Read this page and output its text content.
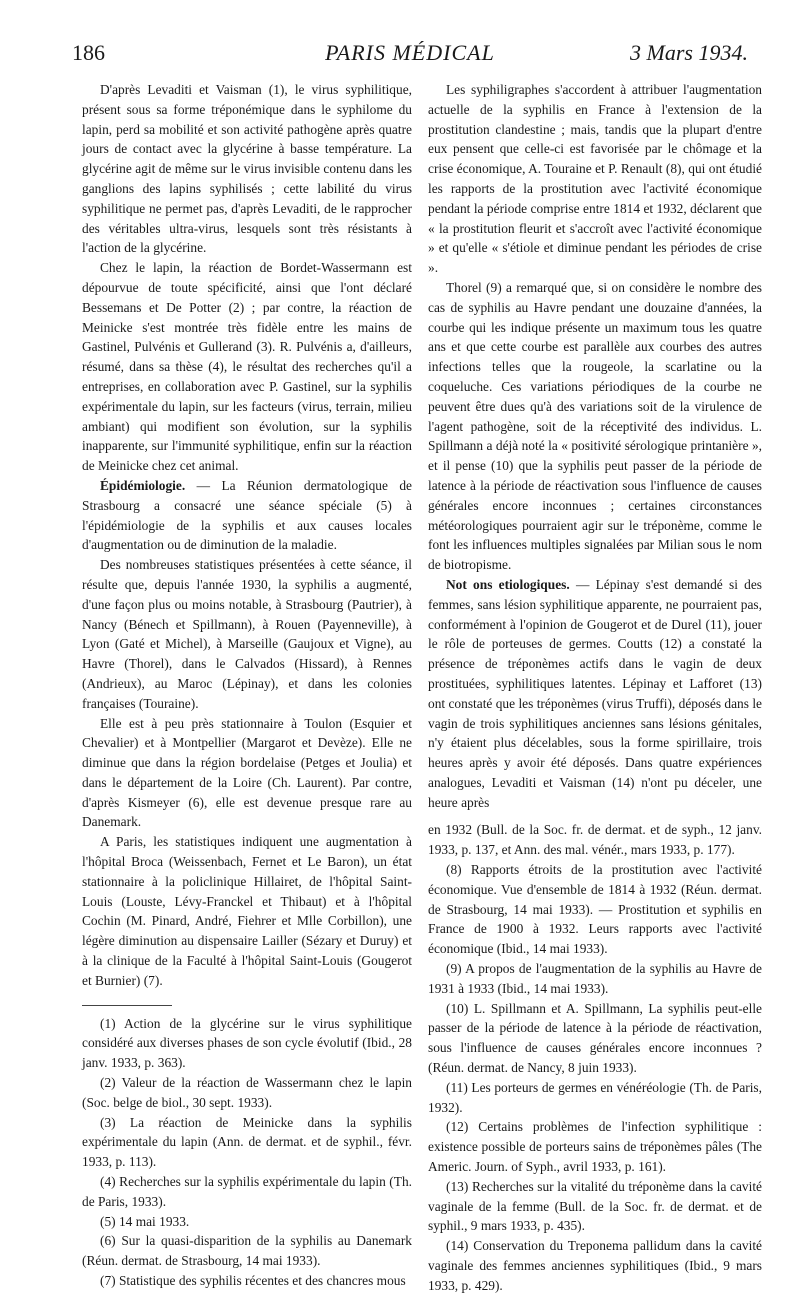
186	PARIS MÉDICAL	3 Mars 1934.

D'après Levaditi et Vaisman (1), le virus syphilitique, présent sous sa forme tréponémique dans le syphilome du lapin, perd sa mobilité et son activité pathogène après quatre jours de contact avec la glycérine à basse température. La glycérine agit de même sur le virus invisible contenu dans les ganglions des lapins syphilisés ; cette labilité du virus syphilitique ne permet pas, d'après Levaditi, de le rapprocher des véritables ultra-virus, lesquels sont très résistants à l'action de la glycérine.

Chez le lapin, la réaction de Bordet-Wassermann est dépourvue de toute spécificité, ainsi que l'ont déclaré Bessemans et De Potter (2) ; par contre, la réaction de Meinicke s'est montrée très fidèle entre les mains de Gastinel, Pulvénis et Gullerand (3). R. Pulvénis a, d'ailleurs, résumé, dans sa thèse (4), le résultat des recherches qu'il a entreprises, en collaboration avec P. Gastinel, sur la syphilis expérimentale du lapin, sur les facteurs (virus, terrain, milieu ambiant) qui modifient son évolution, sur la syphilis inapparente, sur l'immunité syphilitique, enfin sur la réaction de Meinicke chez cet animal.

Épidémiologie. — La Réunion dermatologique de Strasbourg a consacré une séance spéciale (5) à l'épidémiologie de la syphilis et aux causes locales d'augmentation ou de diminution de la maladie.

Des nombreuses statistiques présentées à cette séance, il résulte que, depuis l'année 1930, la syphilis a augmenté, d'une façon plus ou moins notable, à Strasbourg (Pautrier), à Nancy (Bénech et Spillmann), à Rouen (Payenneville), à Lyon (Gaté et Michel), à Marseille (Gaujoux et Vigne), au Havre (Thorel), dans le Calvados (Hissard), à Rennes (Andrieux), au Maroc (Lépinay), et dans les colonies françaises (Touraine).

Elle est à peu près stationnaire à Toulon (Esquier et Chevalier) et à Montpellier (Margarot et Devèze). Elle ne diminue que dans la région bordelaise (Petges et Joulia) et dans le département de la Loire (Ch. Laurent). Par contre, d'après Kismeyer (6), elle est devenue presque rare au Danemark.

A Paris, les statistiques indiquent une augmentation à l'hôpital Broca (Weissenbach, Fernet et Le Baron), un état stationnaire à la policlinique Hillairet, de l'hôpital Saint-Louis (Louste, Lévy-Franckel et Thibaut) et à l'hôpital Cochin (M. Pinard, André, Fiehrer et Mlle Corbillon), une légère diminution au dispensaire Lailler (Sézary et Duruy) et à la clinique de la Faculté à l'hôpital Saint-Louis (Gougerot et Burnier) (7).

(1) Action de la glycérine sur le virus syphilitique considéré aux diverses phases de son cycle évolutif (Ibid., 28 janv. 1933, p. 363).

(2) Valeur de la réaction de Wassermann chez le lapin (Soc. belge de biol., 30 sept. 1933).

(3) La réaction de Meinicke dans la syphilis expérimentale du lapin (Ann. de dermat. et de syphil., févr. 1933, p. 113).

(4) Recherches sur la syphilis expérimentale du lapin (Th. de Paris, 1933).

(5) 14 mai 1933.

(6) Sur la quasi-disparition de la syphilis au Danemark (Réun. dermat. de Strasbourg, 14 mai 1933).

(7) Statistique des syphilis récentes et des chancres mous

Les syphiligraphes s'accordent à attribuer l'augmentation actuelle de la syphilis en France à l'extension de la prostitution clandestine ; mais, tandis que la plupart d'entre eux pensent que celle-ci est favorisée par le chômage et la crise économique, A. Touraine et P. Renault (8), qui ont étudié les rapports de la prostitution avec l'activité économique pendant la période comprise entre 1814 et 1932, déclarent que « la prostitution fleurit et s'accroît avec l'activité économique » et qu'elle « s'étiole et diminue pendant les périodes de crise ».

Thorel (9) a remarqué que, si on considère le nombre des cas de syphilis au Havre pendant une douzaine d'années, la courbe qui les indique présente un maximum tous les quatre ans et que cette courbe est parallèle aux courbes des autres infections telles que la rougeole, la scarlatine ou la coqueluche. Ces variations périodiques de la courbe ne peuvent être dues qu'à des variations soit de la virulence de l'agent pathogène, soit de la réceptivité des individus. L. Spillmann a déjà noté la « positivité sérologique printanière », et il pense (10) que la syphilis peut passer de la période de latence à la période de réactivation sous l'influence de causes générales encore inconnues ; certaines circonstances météorologiques pourraient agir sur le tréponème, comme le font les influences multiples signalées par Milian sous le nom de biotropisme.

Not ons etiologiques. — Lépinay s'est demandé si des femmes, sans lésion syphilitique apparente, ne pourraient pas, conformément à l'opinion de Gougerot et de Durel (11), jouer le rôle de porteuses de germes. Coutts (12) a constaté la présence de tréponèmes actifs dans le vagin de deux prostituées, syphilitiques latentes. Lépinay et Lafforet (13) ont constaté que les tréponèmes (virus Truffi), déposés dans le vagin de trois syphilitiques anciennes sans lésions génitales, n'y étaient plus décelables, sous la forme spirillaire, trois heures après y avoir été déposés. Dans quatre expériences analogues, Levaditi et Vaisman (14) n'ont pu déceler, une heure après

en 1932 (Bull. de la Soc. fr. de dermat. et de syph., 12 janv. 1933, p. 137, et Ann. des mal. vénér., mars 1933, p. 177).

(8) Rapports étroits de la prostitution avec l'activité économique. Vue d'ensemble de 1814 à 1932 (Réun. dermat. de Strasbourg, 14 mai 1933). — Prostitution et syphilis en France de 1900 à 1932. Leurs rapports avec l'activité économique (Ibid., 14 mai 1933).

(9) A propos de l'augmentation de la syphilis au Havre de 1931 à 1933 (Ibid., 14 mai 1933).

(10) L. Spillmann et A. Spillmann, La syphilis peut-elle passer de la période de latence à la période de réactivation, sous l'influence de causes générales encore inconnues ? (Réun. dermat. de Nancy, 8 juin 1933).

(11) Les porteurs de germes en vénéréologie (Th. de Paris, 1932).

(12) Certains problèmes de l'infection syphilitique : existence possible de porteurs sains de tréponèmes pâles (The Americ. Journ. of Syph., avril 1933, p. 161).

(13) Recherches sur la vitalité du tréponème dans la cavité vaginale de la femme (Bull. de la Soc. fr. de dermat. et de syphil., 9 mars 1933, p. 435).

(14) Conservation du Treponema pallidum dans la cavité vaginale des femmes anciennes syphilitiques (Ibid., 9 mars 1933, p. 429).
